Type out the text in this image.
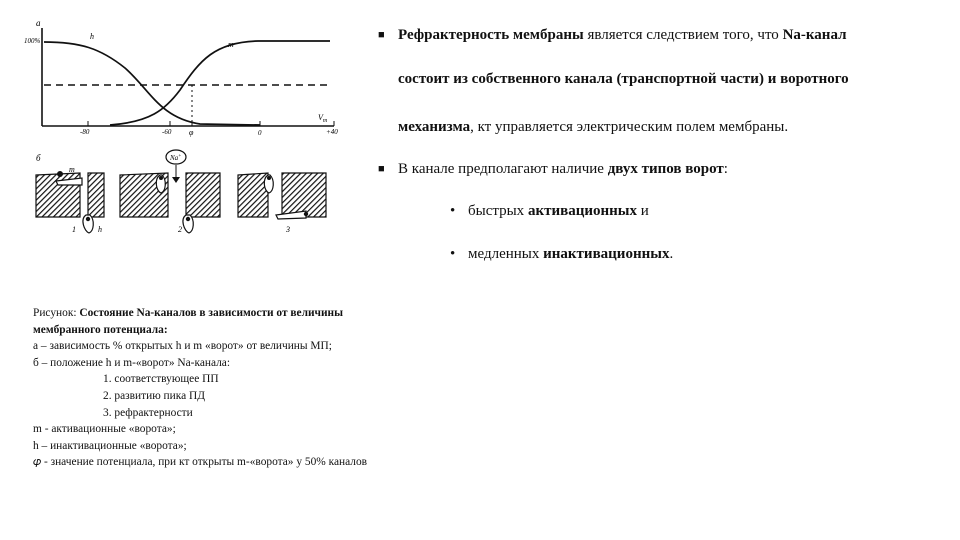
a
100%
-80	-60 φ	0	+40
$V_m$
h
m
б
m
h
1
Na+
2	3
■ Рефрактерность мембраны является следствием того, что Na-канал
состоит из собственного канала (транспортной части) и воротного
механизма, кт управляется электрическим полем мембраны.
■ В канале предполагают наличие двух типов ворот:
• быстрых активационных и
• медленных инактивационных.
Рисунок: Состояние Na-каналов в зависимости от величины
мембранного потенциала:
а – зависимость % открытых h и m «ворот» от величины МП;
б – положение h и m-«ворот» Na-канала:
1. соответствующее ПП
2. развитию пика ПД
3. рефрактерности
m - активационные «ворота»;
h – инактивационные «ворота»;
𝜑 - значение потенциала, при кт открыты m-«ворота» у 50% каналов
